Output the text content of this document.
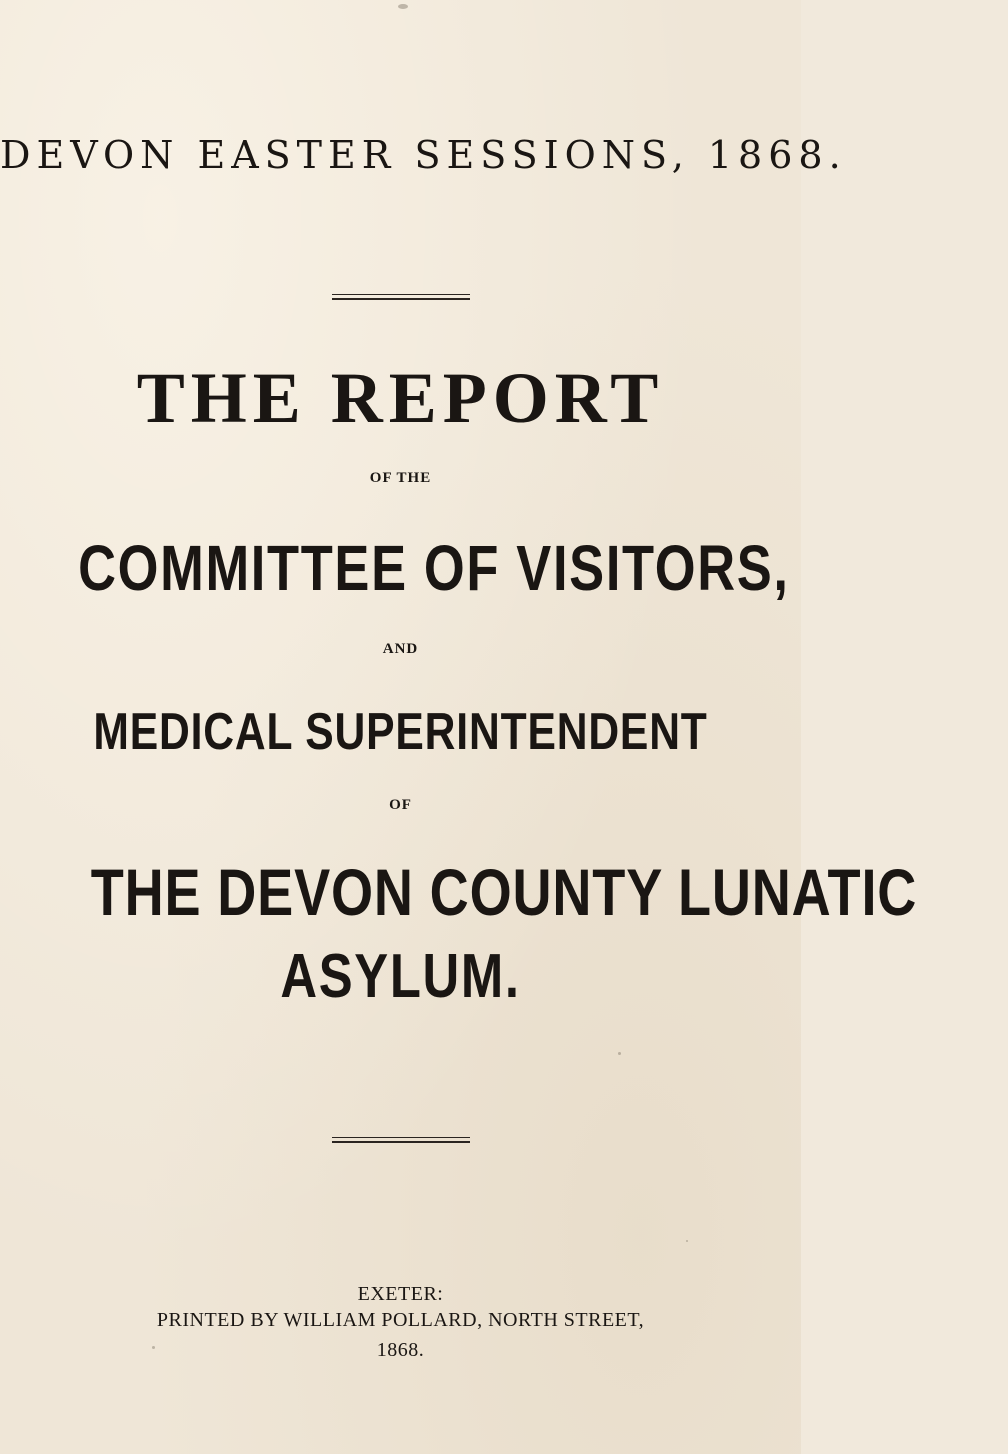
DEVON EASTER SESSIONS, 1868.
THE REPORT
OF THE
COMMITTEE OF VISITORS,
AND
MEDICAL SUPERINTENDENT
OF
THE DEVON COUNTY LUNATIC
ASYLUM.
EXETER:
PRINTED BY WILLIAM POLLARD, NORTH STREET,
1868.
